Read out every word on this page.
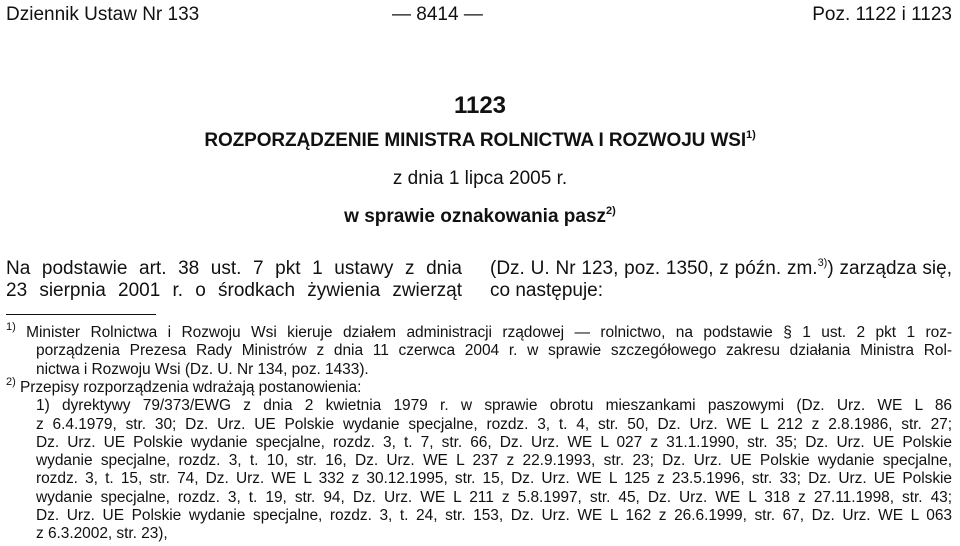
Dziennik Ustaw Nr 133	— 8414 —	Poz. 1122 i 1123
1123
ROZPORZĄDZENIE MINISTRA ROLNICTWA I ROZWOJU WSI$^{1)}$
z dnia 1 lipca 2005 r.
w sprawie oznakowania pasz$^{2)}$
Na podstawie art. 38 ust. 7 pkt 1 ustawy z dnia
23 sierpnia 2001 r. o środkach żywienia zwierząt
(Dz. U. Nr 123, poz. 1350, z późn. zm.$^{3)}$) zarządza się,
co następuje:
$^{1)}$ Minister Rolnictwa i Rozwoju Wsi kieruje działem administracji rządowej — rolnictwo, na podstawie § 1 ust. 2 pkt 1 roz-
porządzenia Prezesa Rady Ministrów z dnia 11 czerwca 2004 r. w sprawie szczegółowego zakresu działania Ministra Rol-
nictwa i Rozwoju Wsi (Dz. U. Nr 134, poz. 1433).
$^{2)}$ Przepisy rozporządzenia wdrażają postanowienia:
1) dyrektywy 79/373/EWG z dnia 2 kwietnia 1979 r. w sprawie obrotu mieszankami paszowymi (Dz. Urz. WE L 86
z 6.4.1979, str. 30; Dz. Urz. UE Polskie wydanie specjalne, rozdz. 3, t. 4, str. 50, Dz. Urz. WE L 212 z 2.8.1986, str. 27;
Dz. Urz. UE Polskie wydanie specjalne, rozdz. 3, t. 7, str. 66, Dz. Urz. WE L 027 z 31.1.1990, str. 35; Dz. Urz. UE Polskie
wydanie specjalne, rozdz. 3, t. 10, str. 16, Dz. Urz. WE L 237 z 22.9.1993, str. 23; Dz. Urz. UE Polskie wydanie specjalne,
rozdz. 3, t. 15, str. 74, Dz. Urz. WE L 332 z 30.12.1995, str. 15, Dz. Urz. WE L 125 z 23.5.1996, str. 33; Dz. Urz. UE Polskie
wydanie specjalne, rozdz. 3, t. 19, str. 94, Dz. Urz. WE L 211 z 5.8.1997, str. 45, Dz. Urz. WE L 318 z 27.11.1998, str. 43;
Dz. Urz. UE Polskie wydanie specjalne, rozdz. 3, t. 24, str. 153, Dz. Urz. WE L 162 z 26.6.1999, str. 67, Dz. Urz. WE L 063
z 6.3.2002, str. 23),
